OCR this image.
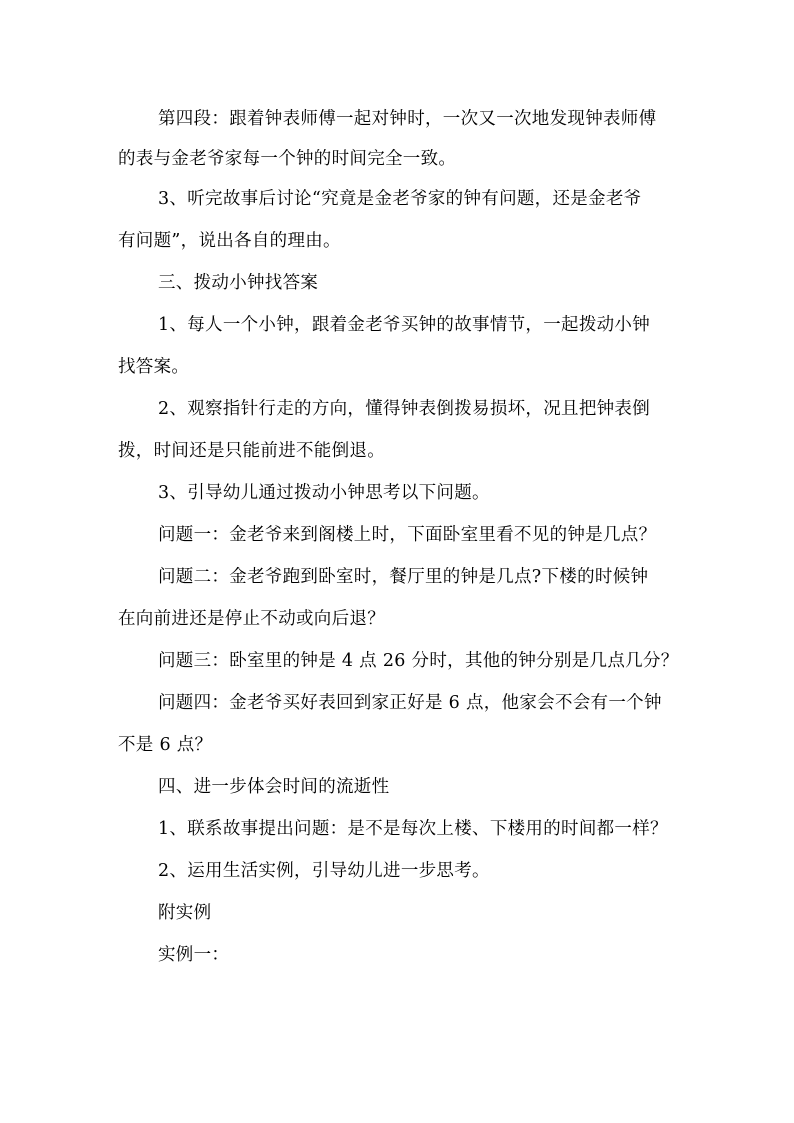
第四段：跟着钟表师傅一起对钟时，一次又一次地发现钟表师傅
的表与金老爷家每一个钟的时间完全一致。
3、听完故事后讨论“究竟是金老爷家的钟有问题，还是金老爷
有问题”，说出各自的理由。
三、拨动小钟找答案
1、每人一个小钟，跟着金老爷买钟的故事情节，一起拨动小钟
找答案。
2、观察指针行走的方向，懂得钟表倒拨易损坏，况且把钟表倒
拨，时间还是只能前进不能倒退。
3、引导幼儿通过拨动小钟思考以下问题。
问题一：金老爷来到阁楼上时，下面卧室里看不见的钟是几点？
问题二：金老爷跑到卧室时，餐厅里的钟是几点?下楼的时候钟
在向前进还是停止不动或向后退？
问题三：卧室里的钟是 4 点 26 分时，其他的钟分别是几点几分？
问题四：金老爷买好表回到家正好是 6 点，他家会不会有一个钟
不是 6 点？
四、进一步体会时间的流逝性
1、联系故事提出问题：是不是每次上楼、下楼用的时间都一样？
2、运用生活实例，引导幼儿进一步思考。
附实例
实例一：
